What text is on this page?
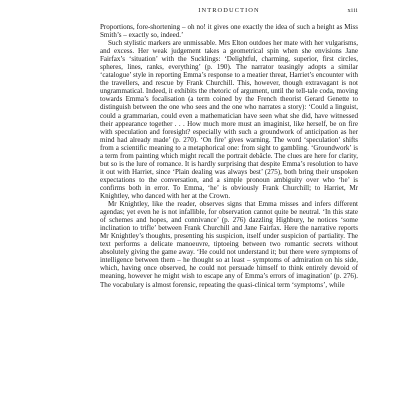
INTRODUCTION	xiii

Proportions, fore-shortening – oh no! it gives one exactly the idea of such a height as Miss Smith’s – exactly so, indeed.’

Such stylistic markers are unmissable. Mrs Elton outdoes her mate with her vulgarisms, and excess. Her weak judgement takes a geometrical spin when she envisions Jane Fairfax’s ‘situation’ with the Sucklings: ‘Delightful, charming, superior, first circles, spheres, lines, ranks, everything’ (p. 190). The narrator teasingly adopts a similar ‘catalogue’ style in reporting Emma’s response to a meatier threat, Harriet’s encounter with the travellers, and rescue by Frank Churchill. This, however, though extravagant is not ungrammatical. Indeed, it exhibits the rhetoric of argument, until the tell-tale coda, moving towards Emma’s focalisation (a term coined by the French theorist Gerard Genette to distinguish between the one who sees and the one who narrates a story): ‘Could a linguist, could a grammarian, could even a mathematician have seen what she did, have witnessed their appearance together . . . How much more must an imaginist, like herself, be on fire with speculation and foresight? especially with such a groundwork of anticipation as her mind had already made’ (p. 270). ‘On fire’ gives warning. The word ‘speculation’ shifts from a scientific meaning to a metaphorical one: from sight to gambling. ‘Groundwork’ is a term from painting which might recall the portrait debâcle. The clues are here for clarity, but so is the lure of romance. It is hardly surprising that despite Emma’s resolution to have it out with Harriet, since ‘Plain dealing was always best’ (275), both bring their unspoken expectations to the conversation, and a simple pronoun ambiguity over who ‘he’ is confirms both in error. To Emma, ‘he’ is obviously Frank Churchill; to Harriet, Mr Knightley, who danced with her at the Crown.

Mr Knightley, like the reader, observes signs that Emma misses and infers different agendas; yet even he is not infallible, for observation cannot quite be neutral. ‘In this state of schemes and hopes, and connivance’ (p. 276) dazzling Highbury, he notices ‘some inclination to trifle’ between Frank Churchill and Jane Fairfax. Here the narrative reports Mr Knightley’s thoughts, presenting his suspicion, itself under suspicion of partiality. The text performs a delicate manoeuvre, tiptoeing between two romantic secrets without absolutely giving the game away. ‘He could not understand it; but there were symptoms of intelligence between them – he thought so at least – symptoms of admiration on his side, which, having once observed, he could not persuade himself to think entirely devoid of meaning, however he might wish to escape any of Emma’s errors of imagination’ (p. 276). The vocabulary is almost forensic, repeating the quasi-clinical term ‘symptoms’, while
